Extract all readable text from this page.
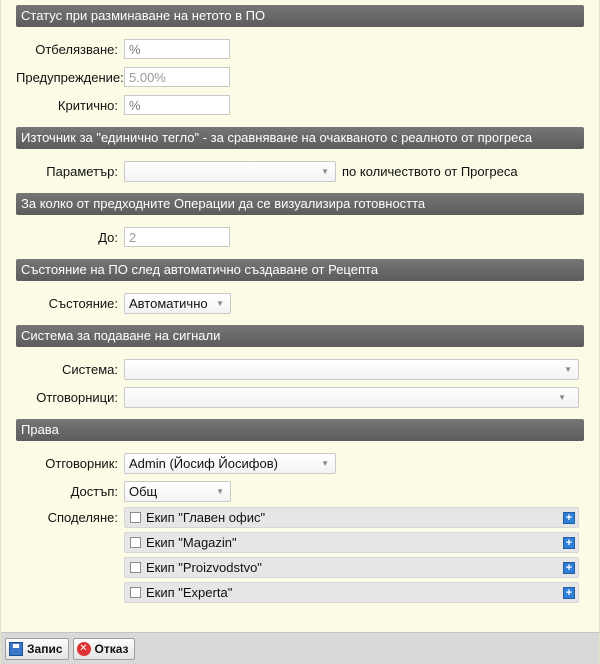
Статус при разминаване на нетото в ПО
Отбелязване:
%
Предупреждение:
5.00%
Критично:
%
Източник за "единично тегло" - за сравняване на очакваното с реалното от прогреса
Параметър:	▼	по количеството от Прогреса
За колко от предходните Операции да се визуализира готовността
До:
2
Състояние на ПО след автоматично създаване от Рецепта
Състояние: Автоматично ▼
Система за подаване на сигнали
Система:	▼
Отговорници:	▼
Права
Отговорник: Admin (Йосиф Йосифов)	▼
Достъп: Общ	▼
Споделяне:	Екип "Главен офис"	+
Екип "Magazin"	+
Екип "Proizvodstvo"	+
Екип "Experta"	+
Запис ✕ Отказ
